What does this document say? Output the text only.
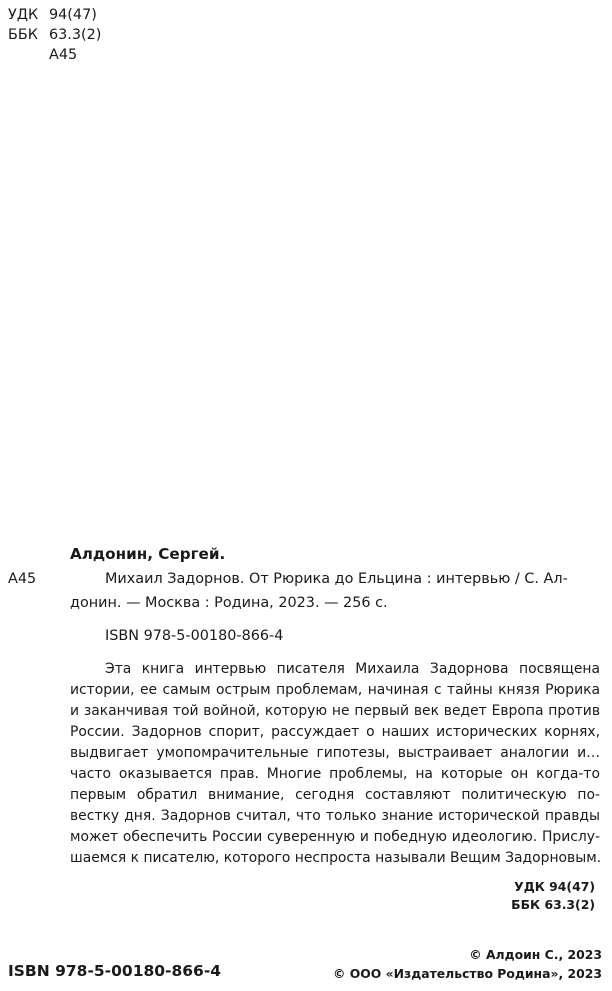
УДК 94(47)
ББК 63.3(2)
А45
Алдонин, Сергей.
А45	Михаил Задорнов. От Рюрика до Ельцина : интервью / С. Ал-
донин. — Москва : Родина, 2023. — 256 с.
ISBN 978-5-00180-866-4
Эта книга интервью писателя Михаила Задорнова посвящена
истории, ее самым острым проблемам, начиная с тайны князя Рюрика
и заканчивая той войной, которую не первый век ведет Европа против
России. Задорнов спорит, рассуждает о наших исторических корнях,
выдвигает умопомрачительные гипотезы, выстраивает аналогии и…
часто оказывается прав. Многие проблемы, на которые он когда-то
первым обратил внимание, сегодня составляют политическую по-
вестку дня. Задорнов считал, что только знание исторической правды
может обеспечить России суверенную и победную идеологию. Прислу-
шаемся к писателю, которого неспроста называли Вещим Задорновым.
УДК 94(47)
ББК 63.3(2)
© Алдоин С., 2023
© ООО «Издательство Родина», 2023
ISBN 978-5-00180-866-4
